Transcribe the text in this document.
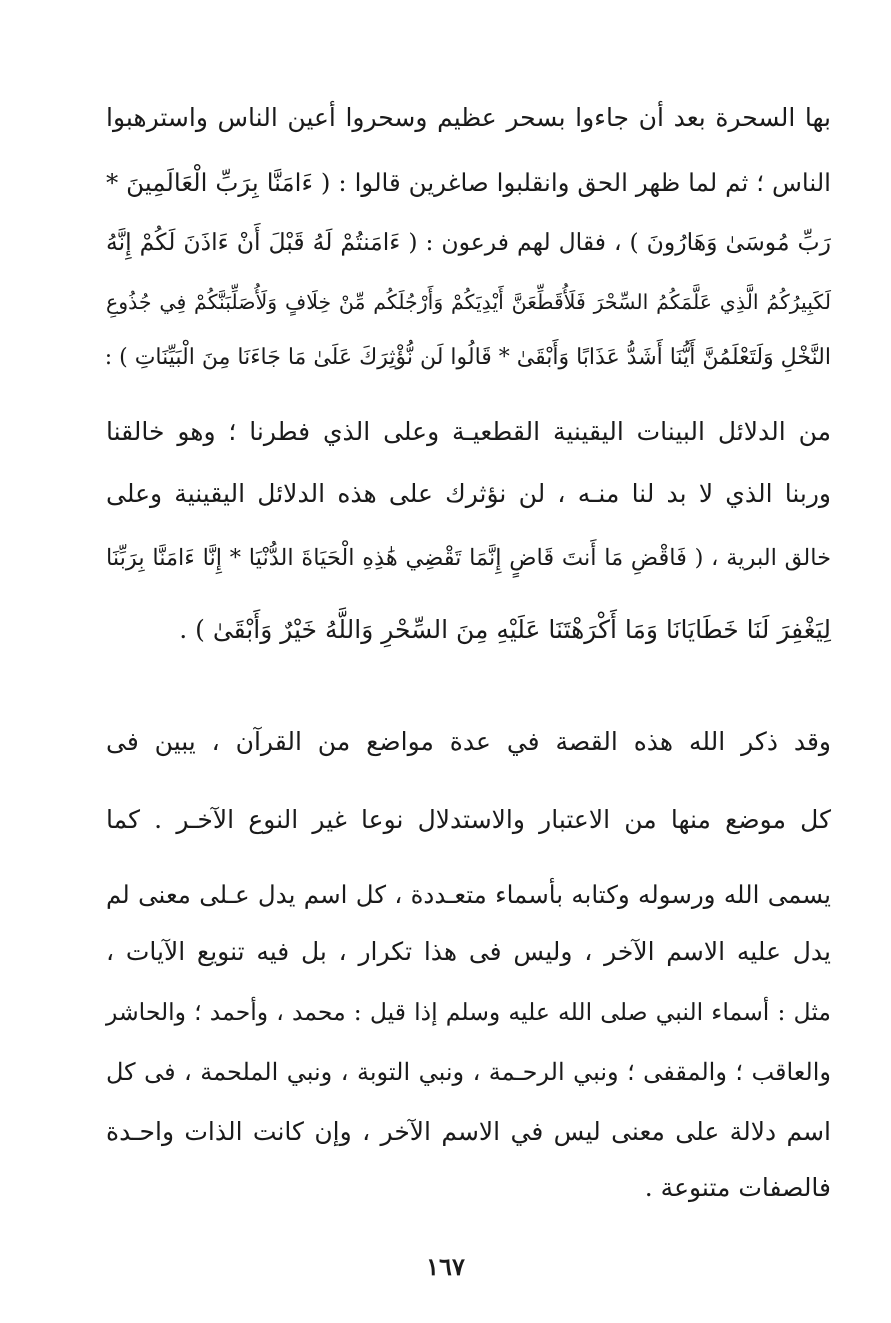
بها السحرة بعد أن جاءوا بسحر عظيم وسحروا أعين الناس واسترهبوا
الناس ؛ ثم لما ظهر الحق وانقلبوا صاغرين قالوا : ( ءَامَنَّا بِرَبِّ الْعَالَمِينَ *
رَبِّ مُوسَىٰ وَهَارُونَ ) ، فقال لهم فرعون : ( ءَامَنتُمْ لَهُ قَبْلَ أَنْ ءَاذَنَ لَكُمْ إِنَّهُ
لَكَبِيرُكُمُ الَّذِي عَلَّمَكُمُ السِّحْرَ فَلَأُقَطِّعَنَّ أَيْدِيَكُمْ وَأَرْجُلَكُم مِّنْ خِلَافٍ وَلَأُصَلِّبَنَّكُمْ فِي جُذُوعِ
النَّخْلِ وَلَتَعْلَمُنَّ أَيُّنَا أَشَدُّ عَذَابًا وَأَبْقَىٰ * قَالُوا لَن نُّؤْثِرَكَ عَلَىٰ مَا جَاءَنَا مِنَ الْبَيِّنَاتِ ) :
من الدلائل البينات اليقينية القطعيـة وعلى الذي فطرنا ؛ وهو خالقنا
وربنا الذي لا بد لنا منـه ، لن نؤثرك على هذه الدلائل اليقينية وعلى
خالق البرية ، ( فَاقْضِ مَا أَنتَ قَاضٍ إِنَّمَا تَقْضِي هَٰذِهِ الْحَيَاةَ الدُّنْيَا * إِنَّا ءَامَنَّا بِرَبِّنَا
لِيَغْفِرَ لَنَا خَطَايَانَا وَمَا أَكْرَهْتَنَا عَلَيْهِ مِنَ السِّحْرِ وَاللَّهُ خَيْرٌ وَأَبْقَىٰ ) .
وقد ذكر الله هذه القصة في عدة مواضع من القرآن ، يبين فى
كل موضع منها من الاعتبار والاستدلال نوعا غير النوع الآخـر . كما
يسمى الله ورسوله وكتابه بأسماء متعـددة ، كل اسم يدل عـلى معنى لم
يدل عليه الاسم الآخر ، وليس فى هذا تكرار ، بل فيه تنويع الآيات ،
مثل : أسماء النبي صلى الله عليه وسلم إذا قيل : محمد ، وأحمد ؛ والحاشر
والعاقب ؛ والمقفى ؛ ونبي الرحـمة ، ونبي التوبة ، ونبي الملحمة ، فى كل
اسم دلالة على معنى ليس في الاسم الآخر ، وإن كانت الذات واحـدة
فالصفات متنوعة .
١٦٧
